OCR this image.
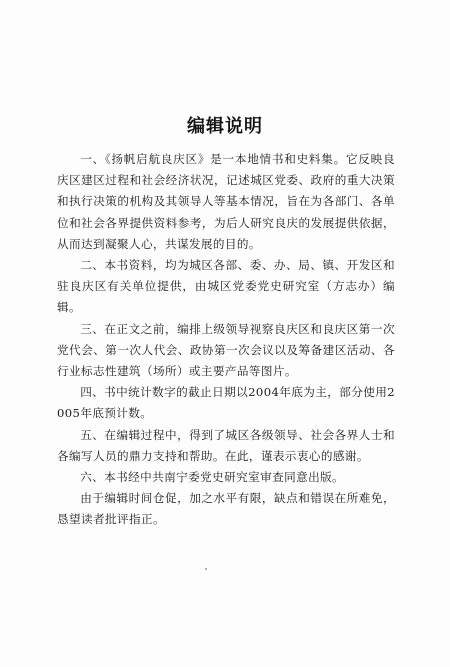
编辑说明

一、《扬帆启航良庆区》是一本地情书和史料集。它反映良庆区建区过程和社会经济状况，记述城区党委、政府的重大决策和执行决策的机构及其领导人等基本情况，旨在为各部门、各单位和社会各界提供资料参考，为后人研究良庆的发展提供依据，从而达到凝聚人心，共谋发展的目的。

二、本书资料，均为城区各部、委、办、局、镇、开发区和驻良庆区有关单位提供，由城区党委党史研究室（方志办）编辑。

三、在正文之前，编排上级领导视察良庆区和良庆区第一次党代会、第一次人代会、政协第一次会议以及筹备建区活动、各行业标志性建筑（场所）或主要产品等图片。

四、书中统计数字的截止日期以2004年底为主，部分使用2005年底预计数。

五、在编辑过程中，得到了城区各级领导、社会各界人士和各编写人员的鼎力支持和帮助。在此，谨表示衷心的感谢。

六、本书经中共南宁委党史研究室审查同意出版。

由于编辑时间仓促，加之水平有限，缺点和错误在所难免，恳望读者批评指正。
